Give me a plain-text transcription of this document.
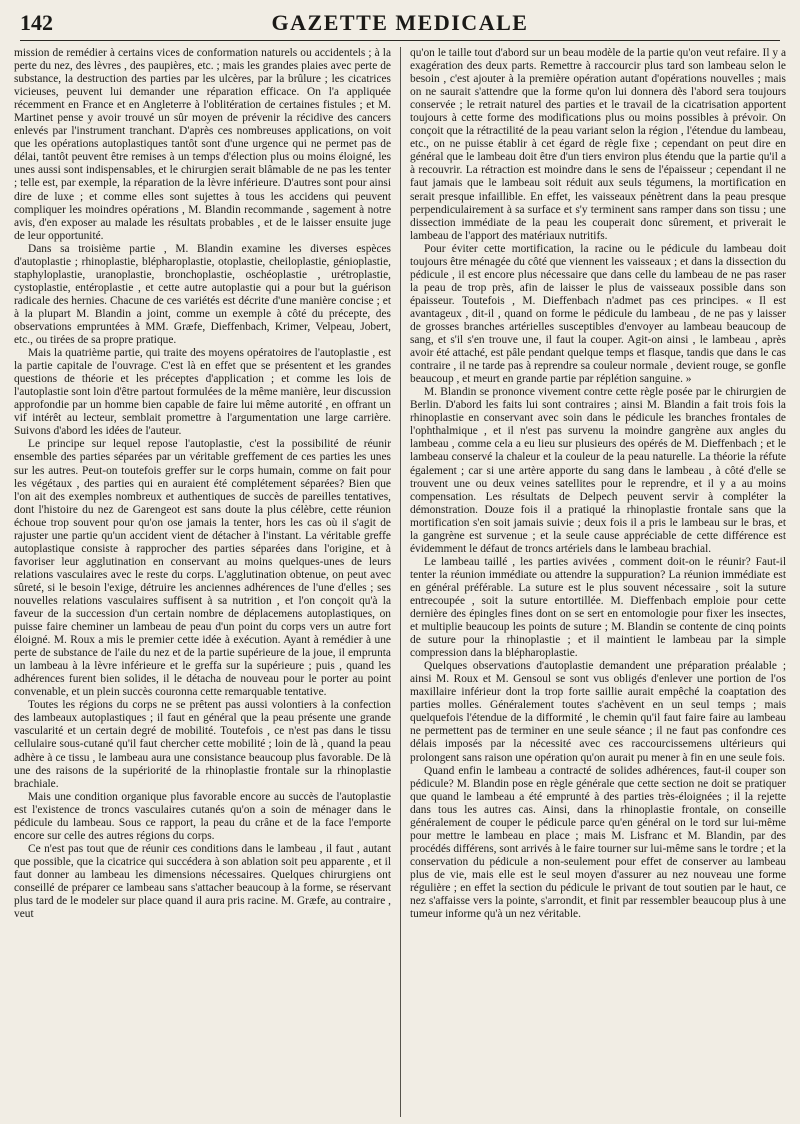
142	GAZETTE MEDICALE

mission de remédier à certains vices de conformation naturels ou accidentels ; à la perte du nez, des lèvres , des paupières, etc. ; mais les grandes plaies avec perte de substance, la destruction des parties par les ulcères, par la brûlure ; les cicatrices vicieuses, peuvent lui demander une réparation efficace. On l'a appliquée récemment en France et en Angleterre à l'oblitération de certaines fistules ; et M. Martinet pense y avoir trouvé un sûr moyen de prévenir la récidive des cancers enlevés par l'instrument tranchant. D'après ces nombreuses applications, on voit que les opérations autoplastiques tantôt sont d'une urgence qui ne permet pas de délai, tantôt peuvent être remises à un temps d'élection plus ou moins éloigné, les unes aussi sont indispensables, et le chirurgien serait blâmable de ne pas les tenter ; telle est, par exemple, la réparation de la lèvre inférieure. D'autres sont pour ainsi dire de luxe ; et comme elles sont sujettes à tous les accidens qui peuvent compliquer les moindres opérations , M. Blandin recommande , sagement à notre avis, d'en exposer au malade les résultats probables , et de le laisser ensuite juge de leur opportunité.

Dans sa troisième partie , M. Blandin examine les diverses espèces d'autoplastie ; rhinoplastie, blépharoplastie, otoplastie, cheiloplastie, génioplastie, staphyloplastie, uranoplastie, bronchoplastie, oschéoplastie , urétroplastie, cystoplastie, entéroplastie , et cette autre autoplastie qui a pour but la guérison radicale des hernies. Chacune de ces variétés est décrite d'une manière concise ; et à la plupart M. Blandin a joint, comme un exemple à côté du précepte, des observations empruntées à MM. Græfe, Dieffenbach, Krimer, Velpeau, Jobert, etc., ou tirées de sa propre pratique.

Mais la quatrième partie, qui traite des moyens opératoires de l'autoplastie , est la partie capitale de l'ouvrage. C'est là en effet que se présentent et les grandes questions de théorie et les préceptes d'application ; et comme les lois de l'autoplastie sont loin d'être partout formulées de la même manière, leur discussion approfondie par un homme bien capable de faire lui même autorité , en offrant un vif intérêt au lecteur, semblait promettre à l'argumentation une large carrière. Suivons d'abord les idées de l'auteur.

Le principe sur lequel repose l'autoplastie, c'est la possibilité de réunir ensemble des parties séparées par un véritable greffement de ces parties les unes sur les autres. Peut-on toutefois greffer sur le corps humain, comme on fait pour les végétaux , des parties qui en auraient été complétement séparées? Bien que l'on ait des exemples nombreux et authentiques de succès de pareilles tentatives, dont l'histoire du nez de Garengeot est sans doute la plus célèbre, cette réunion échoue trop souvent pour qu'on ose jamais la tenter, hors les cas où il s'agit de rajuster une partie qu'un accident vient de détacher à l'instant. La véritable greffe autoplastique consiste à rapprocher des parties séparées dans l'origine, et à favoriser leur agglutination en conservant au moins quelques-unes de leurs relations vasculaires avec le reste du corps. L'agglutination obtenue, on peut avec sûreté, si le besoin l'exige, détruire les anciennes adhérences de l'une d'elles ; ses nouvelles relations vasculaires suffisent à sa nutrition , et l'on conçoit qu'à la faveur de la succession d'un certain nombre de déplacemens autoplastiques, on puisse faire cheminer un lambeau de peau d'un point du corps vers un autre fort éloigné. M. Roux a mis le premier cette idée à exécution. Ayant à remédier à une perte de substance de l'aile du nez et de la partie supérieure de la joue, il emprunta un lambeau à la lèvre inférieure et le greffa sur la supérieure ; puis , quand les adhérences furent bien solides, il le détacha de nouveau pour le porter au point convenable, et un plein succès couronna cette remarquable tentative.

Toutes les régions du corps ne se prêtent pas aussi volontiers à la confection des lambeaux autoplastiques ; il faut en général que la peau présente une grande vascularité et un certain degré de mobilité. Toutefois , ce n'est pas dans le tissu cellulaire sous-cutané qu'il faut chercher cette mobilité ; loin de là , quand la peau adhère à ce tissu , le lambeau aura une consistance beaucoup plus favorable. De là une des raisons de la supériorité de la rhinoplastie frontale sur la rhinoplastie brachiale.

Mais une condition organique plus favorable encore au succès de l'autoplastie est l'existence de troncs vasculaires cutanés qu'on a soin de ménager dans le pédicule du lambeau. Sous ce rapport, la peau du crâne et de la face l'emporte encore sur celle des autres régions du corps.

Ce n'est pas tout que de réunir ces conditions dans le lambeau , il faut , autant que possible, que la cicatrice qui succédera à son ablation soit peu apparente , et il faut donner au lambeau les dimensions nécessaires. Quelques chirurgiens ont conseillé de préparer ce lambeau sans s'attacher beaucoup à la forme, se réservant plus tard de le modeler sur place quand il aura pris racine. M. Græfe, au contraire , veut

qu'on le taille tout d'abord sur un beau modèle de la partie qu'on veut refaire. Il y a exagération des deux parts. Remettre à raccourcir plus tard son lambeau selon le besoin , c'est ajouter à la première opération autant d'opérations nouvelles ; mais on ne saurait s'attendre que la forme qu'on lui donnera dès l'abord sera toujours conservée ; le retrait naturel des parties et le travail de la cicatrisation apportent toujours à cette forme des modifications plus ou moins possibles à prévoir. On conçoit que la rétractilité de la peau variant selon la région , l'étendue du lambeau, etc., on ne puisse établir à cet égard de règle fixe ; cependant on peut dire en général que le lambeau doit être d'un tiers environ plus étendu que la partie qu'il a à recouvrir. La rétraction est moindre dans le sens de l'épaisseur ; cependant il ne faut jamais que le lambeau soit réduit aux seuls tégumens, la mortification en serait presque infaillible. En effet, les vaisseaux pénètrent dans la peau presque perpendiculairement à sa surface et s'y terminent sans ramper dans son tissu ; une dissection immédiate de la peau les couperait donc sûrement, et priverait le lambeau de l'apport des matériaux nutritifs.

Pour éviter cette mortification, la racine ou le pédicule du lambeau doit toujours être ménagée du côté que viennent les vaisseaux ; et dans la dissection du pédicule , il est encore plus nécessaire que dans celle du lambeau de ne pas raser la peau de trop près, afin de laisser le plus de vaisseaux possible dans son épaisseur. Toutefois , M. Dieffenbach n'admet pas ces principes. « Il est avantageux , dit-il , quand on forme le pédicule du lambeau , de ne pas y laisser de grosses branches artérielles susceptibles d'envoyer au lambeau beaucoup de sang, et s'il s'en trouve une, il faut la couper. Agit-on ainsi , le lambeau , après avoir été attaché, est pâle pendant quelque temps et flasque, tandis que dans le cas contraire , il ne tarde pas à reprendre sa couleur normale , devient rouge, se gonfle beaucoup , et meurt en grande partie par réplétion sanguine. »

M. Blandin se prononce vivement contre cette règle posée par le chirurgien de Berlin. D'abord les faits lui sont contraires ; ainsi M. Blandin a fait trois fois la rhinoplastie en conservant avec soin dans le pédicule les branches frontales de l'ophthalmique , et il n'est pas survenu la moindre gangrène aux angles du lambeau , comme cela a eu lieu sur plusieurs des opérés de M. Dieffenbach ; et le lambeau conservé la chaleur et la couleur de la peau naturelle. La théorie la réfute également ; car si une artère apporte du sang dans le lambeau , à côté d'elle se trouvent une ou deux veines satellites pour le reprendre, et il y a au moins compensation. Les résultats de Delpech peuvent servir à compléter la démonstration. Douze fois il a pratiqué la rhinoplastie frontale sans que la mortification s'en soit jamais suivie ; deux fois il a pris le lambeau sur le bras, et la gangrène est survenue ; et la seule cause appréciable de cette différence est évidemment le défaut de troncs artériels dans le lambeau brachial.

Le lambeau taillé , les parties avivées , comment doit-on le réunir? Faut-il tenter la réunion immédiate ou attendre la suppuration? La réunion immédiate est en général préférable. La suture est le plus souvent nécessaire , soit la suture entrecoupée , soit la suture entortillée. M. Dieffenbach emploie pour cette dernière des épingles fines dont on se sert en entomologie pour fixer les insectes, et multiplie beaucoup les points de suture ; M. Blandin se contente de cinq points de suture pour la rhinoplastie ; et il maintient le lambeau par la simple compression dans la blépharoplastie.

Quelques observations d'autoplastie demandent une préparation préalable ; ainsi M. Roux et M. Gensoul se sont vus obligés d'enlever une portion de l'os maxillaire inférieur dont la trop forte saillie aurait empêché la coaptation des parties molles. Généralement toutes s'achèvent en un seul temps ; mais quelquefois l'étendue de la difformité , le chemin qu'il faut faire faire au lambeau ne permettent pas de terminer en une seule séance ; il ne faut pas confondre ces délais imposés par la nécessité avec ces raccourcissemens ultérieurs qui prolongent sans raison une opération qu'on aurait pu mener à fin en une seule fois.

Quand enfin le lambeau a contracté de solides adhérences, faut-il couper son pédicule? M. Blandin pose en règle générale que cette section ne doit se pratiquer que quand le lambeau a été emprunté à des parties très-éloignées ; il la rejette dans tous les autres cas. Ainsi, dans la rhinoplastie frontale, on conseille généralement de couper le pédicule parce qu'en général on le tord sur lui-même pour mettre le lambeau en place ; mais M. Lisfranc et M. Blandin, par des procédés différens, sont arrivés à le faire tourner sur lui-même sans le tordre ; et la conservation du pédicule a non-seulement pour effet de conserver au lambeau plus de vie, mais elle est le seul moyen d'assurer au nez nouveau une forme régulière ; en effet la section du pédicule le privant de tout soutien par le haut, ce nez s'affaisse vers la pointe, s'arrondit, et finit par ressembler beaucoup plus à une tumeur informe qu'à un nez véritable.
